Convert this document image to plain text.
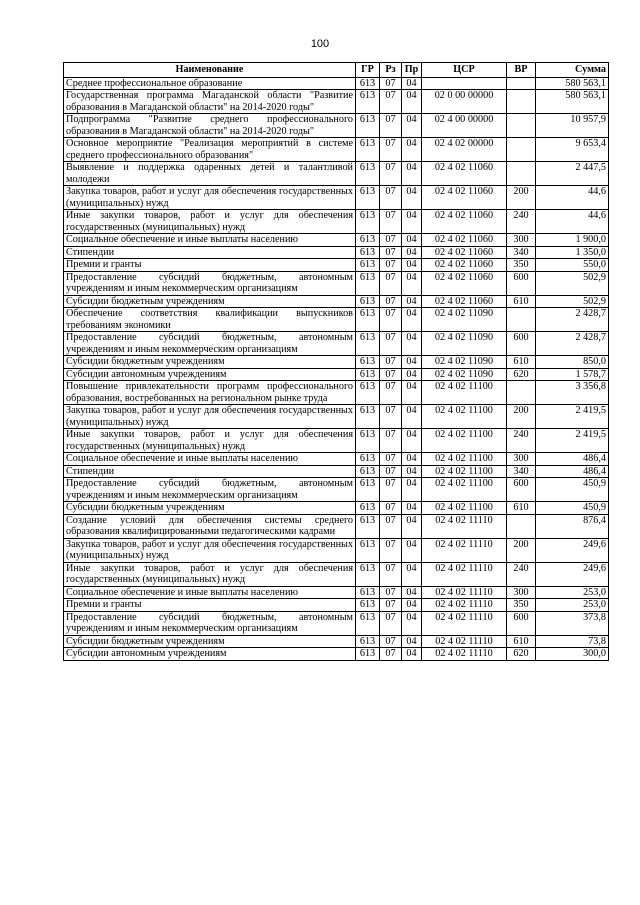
100
Наименование	ГР	Рз	Пр	ЦСР	ВР	Сумма
Среднее профессиональное образование	613	07	04			580 563,1
Государственная программа Магаданской области "Развитие образования в Магаданской области" на 2014-2020 годы"	613	07	04	02 0 00 00000		580 563,1
Подпрограмма "Развитие среднего профессионального образования в Магаданской области" на 2014-2020 годы"	613	07	04	02 4 00 00000		10 957,9
Основное мероприятие "Реализация мероприятий в системе среднего профессионального образования"	613	07	04	02 4 02 00000		9 653,4
Выявление и поддержка одаренных детей и талантливой молодежи	613	07	04	02 4 02 11060		2 447,5
Закупка товаров, работ и услуг для обеспечения государственных (муниципальных) нужд	613	07	04	02 4 02 11060	200	44,6
Иные закупки товаров, работ и услуг для обеспечения государственных (муниципальных) нужд	613	07	04	02 4 02 11060	240	44,6
Социальное обеспечение и иные выплаты населению	613	07	04	02 4 02 11060	300	1 900,0
Стипендии	613	07	04	02 4 02 11060	340	1 350,0
Премии и гранты	613	07	04	02 4 02 11060	350	550,0
Предоставление субсидий бюджетным, автономным учреждениям и иным некоммерческим организациям	613	07	04	02 4 02 11060	600	502,9
Субсидии бюджетным учреждениям	613	07	04	02 4 02 11060	610	502,9
Обеспечение соответствия квалификации выпускников требованиям экономики	613	07	04	02 4 02 11090		2 428,7
Предоставление субсидий бюджетным, автономным учреждениям и иным некоммерческим организациям	613	07	04	02 4 02 11090	600	2 428,7
Субсидии бюджетным учреждениям	613	07	04	02 4 02 11090	610	850,0
Субсидии автономным учреждениям	613	07	04	02 4 02 11090	620	1 578,7
Повышение привлекательности программ профессионального образования, востребованных на региональном рынке труда	613	07	04	02 4 02 11100		3 356,8
Закупка товаров, работ и услуг для обеспечения государственных (муниципальных) нужд	613	07	04	02 4 02 11100	200	2 419,5
Иные закупки товаров, работ и услуг для обеспечения государственных (муниципальных) нужд	613	07	04	02 4 02 11100	240	2 419,5
Социальное обеспечение и иные выплаты населению	613	07	04	02 4 02 11100	300	486,4
Стипендии	613	07	04	02 4 02 11100	340	486,4
Предоставление субсидий бюджетным, автономным учреждениям и иным некоммерческим организациям	613	07	04	02 4 02 11100	600	450,9
Субсидии бюджетным учреждениям	613	07	04	02 4 02 11100	610	450,9
Создание условий для обеспечения системы среднего образования квалифицированными педагогическими кадрами	613	07	04	02 4 02 11110		876,4
Закупка товаров, работ и услуг для обеспечения государственных (муниципальных) нужд	613	07	04	02 4 02 11110	200	249,6
Иные закупки товаров, работ и услуг для обеспечения государственных (муниципальных) нужд	613	07	04	02 4 02 11110	240	249,6
Социальное обеспечение и иные выплаты населению	613	07	04	02 4 02 11110	300	253,0
Премии и гранты	613	07	04	02 4 02 11110	350	253,0
Предоставление субсидий бюджетным, автономным учреждениям и иным некоммерческим организациям	613	07	04	02 4 02 11110	600	373,8
Субсидии бюджетным учреждениям	613	07	04	02 4 02 11110	610	73,8
Субсидии автономным учреждениям	613	07	04	02 4 02 11110	620	300,0
